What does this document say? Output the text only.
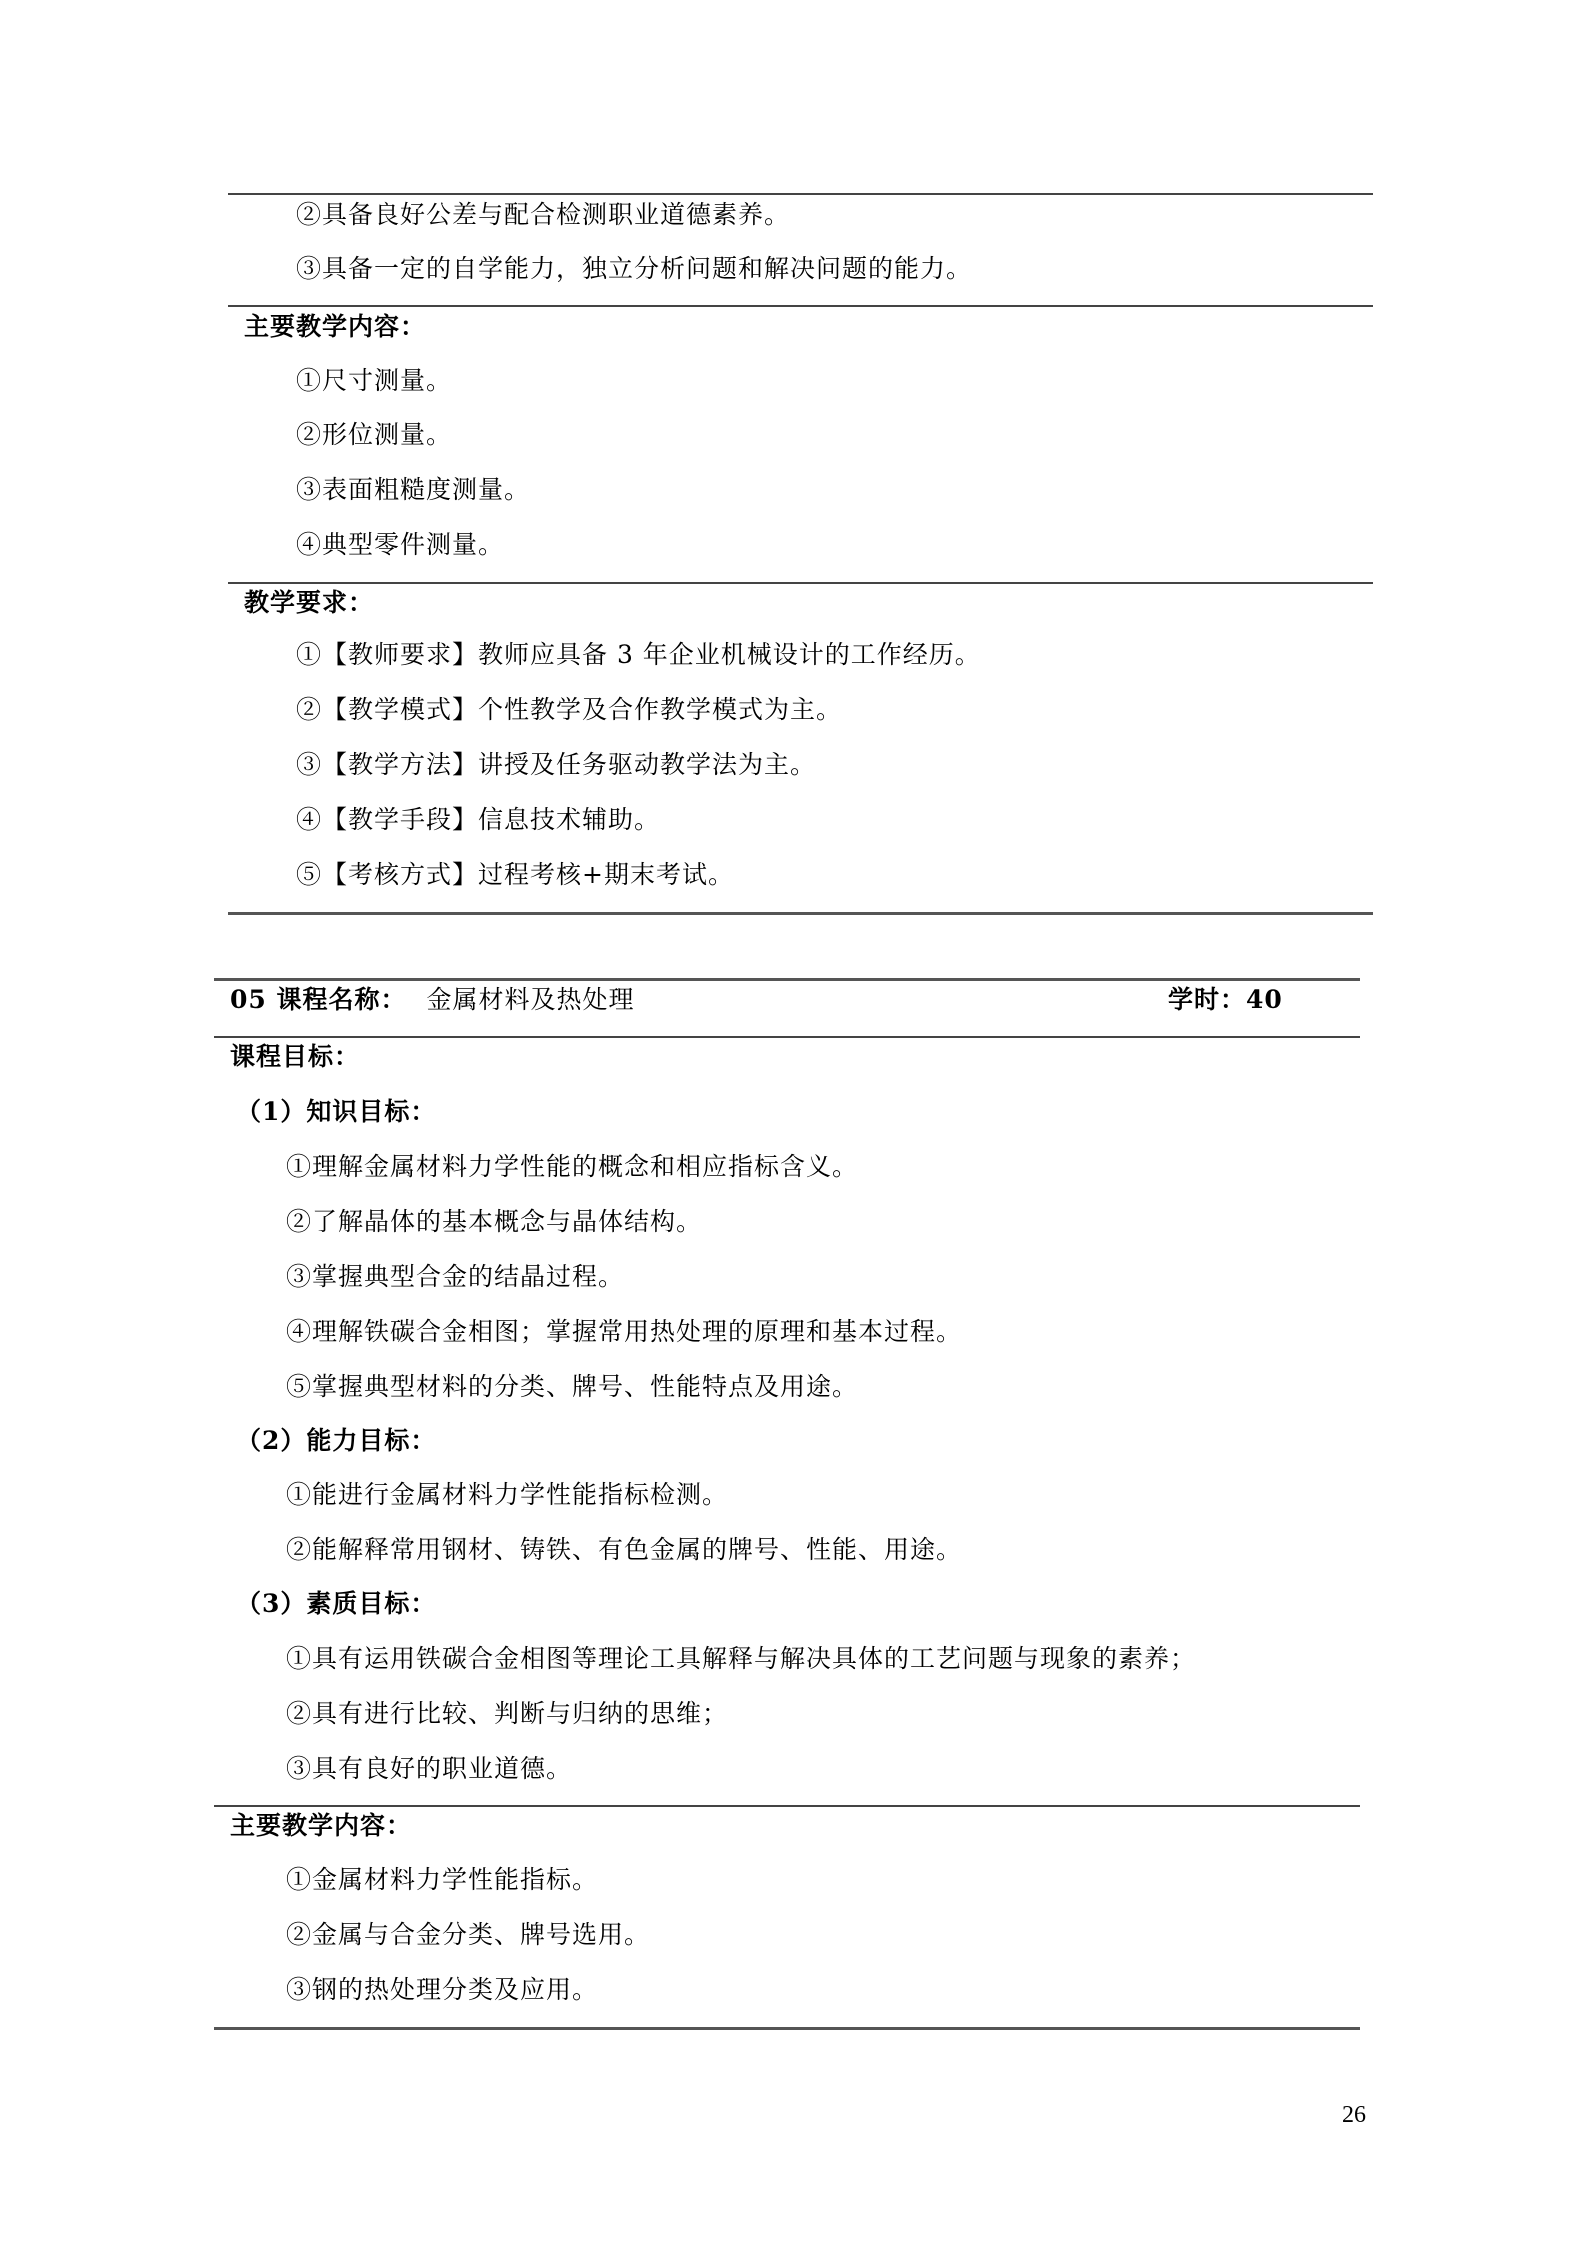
②具备良好公差与配合检测职业道德素养。
③具备一定的自学能力，独立分析问题和解决问题的能力。
主要教学内容：
①尺寸测量。
②形位测量。
③表面粗糙度测量。
④典型零件测量。
教学要求：
①【教师要求】教师应具备 3 年企业机械设计的工作经历。
②【教学模式】个性教学及合作教学模式为主。
③【教学方法】讲授及任务驱动教学法为主。
④【教学手段】信息技术辅助。
⑤【考核方式】过程考核+期末考试。
05 课程名称： 金属材料及热处理	学时：40
课程目标：
（1）知识目标：
①理解金属材料力学性能的概念和相应指标含义。
②了解晶体的基本概念与晶体结构。
③掌握典型合金的结晶过程。
④理解铁碳合金相图；掌握常用热处理的原理和基本过程。
⑤掌握典型材料的分类、牌号、性能特点及用途。
（2）能力目标：
①能进行金属材料力学性能指标检测。
②能解释常用钢材、铸铁、有色金属的牌号、性能、用途。
（3）素质目标：
①具有运用铁碳合金相图等理论工具解释与解决具体的工艺问题与现象的素养；
②具有进行比较、判断与归纳的思维；
③具有良好的职业道德。
主要教学内容：
①金属材料力学性能指标。
②金属与合金分类、牌号选用。
③钢的热处理分类及应用。
26
